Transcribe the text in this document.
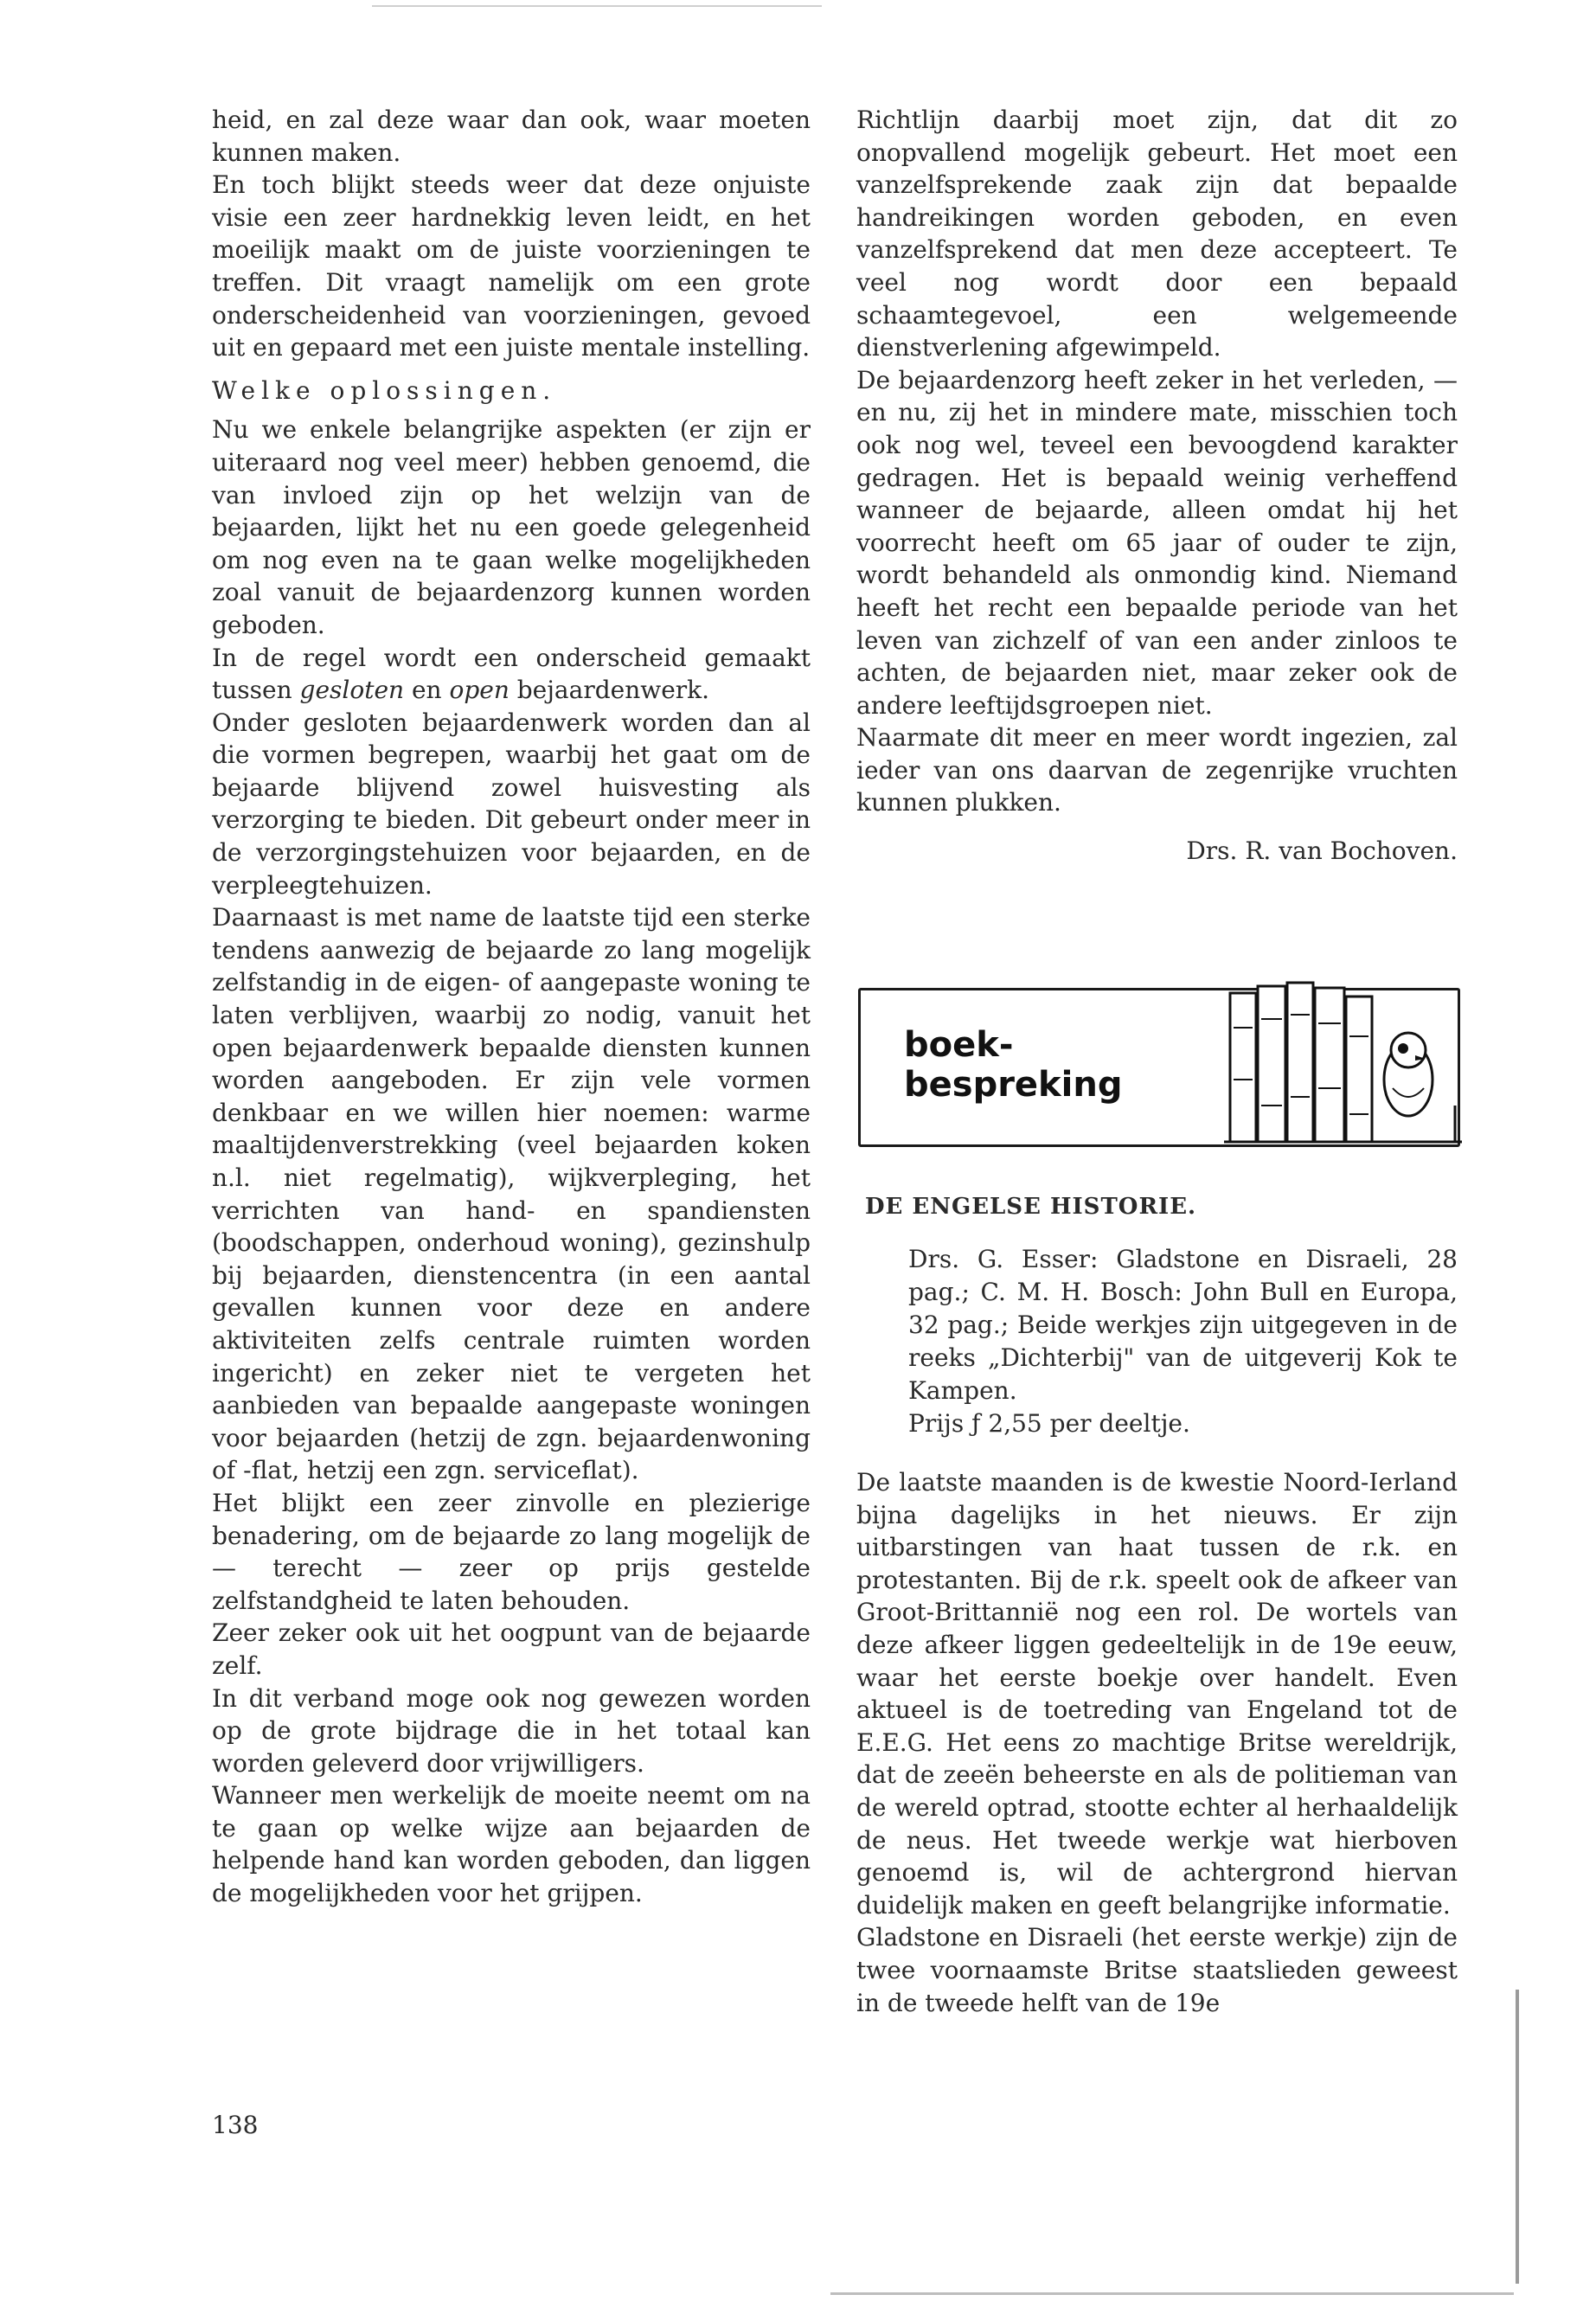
heid, en zal deze waar dan ook, waar moeten kunnen maken.

En toch blijkt steeds weer dat deze onjuiste visie een zeer hardnekkig leven leidt, en het moeilijk maakt om de juiste voorzieningen te treffen. Dit vraagt namelijk om een grote onderscheidenheid van voorzieningen, gevoed uit en gepaard met een juiste mentale instelling.

Welke oplossingen.

Nu we enkele belangrijke aspekten (er zijn er uiteraard nog veel meer) hebben genoemd, die van invloed zijn op het welzijn van de bejaarden, lijkt het nu een goede gelegenheid om nog even na te gaan welke mogelijkheden zoal vanuit de bejaardenzorg kunnen worden geboden.

In de regel wordt een onderscheid gemaakt tussen gesloten en open bejaardenwerk.

Onder gesloten bejaardenwerk worden dan al die vormen begrepen, waarbij het gaat om de bejaarde blijvend zowel huisvesting als verzorging te bieden. Dit gebeurt onder meer in de verzorgingstehuizen voor bejaarden, en de verpleegtehuizen.

Daarnaast is met name de laatste tijd een sterke tendens aanwezig de bejaarde zo lang mogelijk zelfstandig in de eigen- of aangepaste woning te laten verblijven, waarbij zo nodig, vanuit het open bejaardenwerk bepaalde diensten kunnen worden aangeboden. Er zijn vele vormen denkbaar en we willen hier noemen: warme maaltijdenverstrekking (veel bejaarden koken n.l. niet regelmatig), wijkverpleging, het verrichten van hand- en spandiensten (boodschappen, onderhoud woning), gezinshulp bij bejaarden, dienstencentra (in een aantal gevallen kunnen voor deze en andere aktiviteiten zelfs centrale ruimten worden ingericht) en zeker niet te vergeten het aanbieden van bepaalde aangepaste woningen voor bejaarden (hetzij de zgn. bejaardenwoning of -flat, hetzij een zgn. serviceflat).

Het blijkt een zeer zinvolle en plezierige benadering, om de bejaarde zo lang mogelijk de — terecht — zeer op prijs gestelde zelfstandgheid te laten behouden.

Zeer zeker ook uit het oogpunt van de bejaarde zelf.

In dit verband moge ook nog gewezen worden op de grote bijdrage die in het totaal kan worden geleverd door vrijwilligers.

Wanneer men werkelijk de moeite neemt om na te gaan op welke wijze aan bejaarden de helpende hand kan worden geboden, dan liggen de mogelijkheden voor het grijpen.

138

Richtlijn daarbij moet zijn, dat dit zo onopvallend mogelijk gebeurt. Het moet een vanzelfsprekende zaak zijn dat bepaalde handreikingen worden geboden, en even vanzelfsprekend dat men deze accepteert. Te veel nog wordt door een bepaald schaamtegevoel, een welgemeende dienstverlening afgewimpeld.

De bejaardenzorg heeft zeker in het verleden, — en nu, zij het in mindere mate, misschien toch ook nog wel, teveel een bevoogdend karakter gedragen. Het is bepaald weinig verheffend wanneer de bejaarde, alleen omdat hij het voorrecht heeft om 65 jaar of ouder te zijn, wordt behandeld als onmondig kind. Niemand heeft het recht een bepaalde periode van het leven van zichzelf of van een ander zinloos te achten, de bejaarden niet, maar zeker ook de andere leeftijdsgroepen niet.

Naarmate dit meer en meer wordt ingezien, zal ieder van ons daarvan de zegenrijke vruchten kunnen plukken.

Drs. R. van Bochoven.

boek-
bespreking
DE ENGELSE HISTORIE.

Drs. G. Esser: Gladstone en Disraeli, 28 pag.; C. M. H. Bosch: John Bull en Europa, 32 pag.; Beide werkjes zijn uitgegeven in de reeks „Dichterbij" van de uitgeverij Kok te Kampen.

Prijs ƒ 2,55 per deeltje.

De laatste maanden is de kwestie Noord-Ierland bijna dagelijks in het nieuws. Er zijn uitbarstingen van haat tussen de r.k. en protestanten. Bij de r.k. speelt ook de afkeer van Groot-Brittannië nog een rol. De wortels van deze afkeer liggen gedeeltelijk in de 19e eeuw, waar het eerste boekje over handelt. Even aktueel is de toetreding van Engeland tot de E.E.G. Het eens zo machtige Britse wereldrijk, dat de zeeën beheerste en als de politieman van de wereld optrad, stootte echter al herhaaldelijk de neus. Het tweede werkje wat hierboven genoemd is, wil de achtergrond hiervan duidelijk maken en geeft belangrijke informatie.

Gladstone en Disraeli (het eerste werkje) zijn de twee voornaamste Britse staatslieden geweest in de tweede helft van de 19e
